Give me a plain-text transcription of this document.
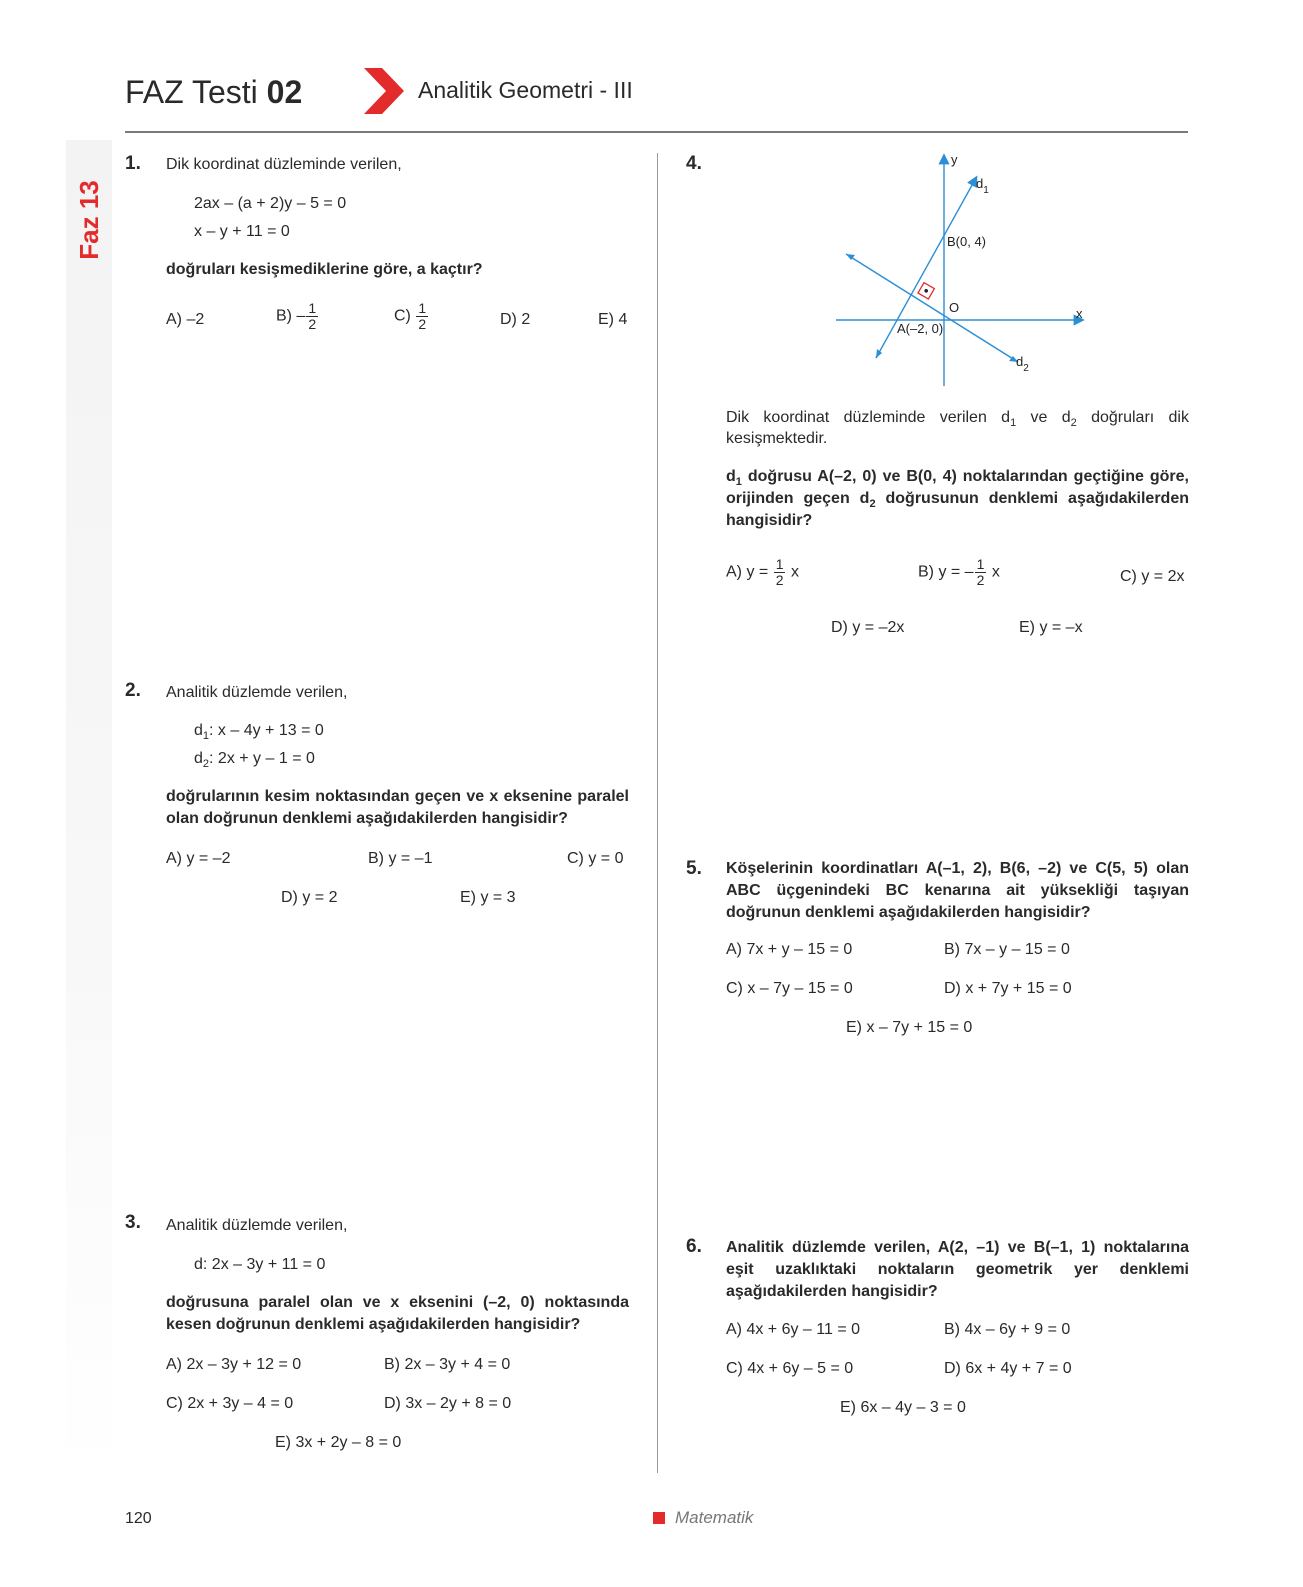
FAZ Testi 02	Analitik Geometri - III
Faz

13
1. Dik koordinat düzleminde verilen,
2ax – (a + 2)y – 5 = 0
x – y + 11 = 0
doğruları kesişmediklerine göre, a kaçtır?
A) –2	$B) - \frac{1}{2}$	$C) \frac{1}{2}$	D) 2	E) 4
2. Analitik düzlemde verilen,
$d_1$: x – 4y + 13 = 0
$d_2$: 2x + y – 1 = 0
doğrularının kesim noktasından geçen ve x eksenine paralel olan doğrunun denklemi aşağıdakilerden hangisidir?
A) y = –2	B) y = –1	C) y = 0
D) y = 2	E) y = 3
3. Analitik düzlemde verilen,
d: 2x – 3y + 11 = 0
doğrusuna paralel olan ve x eksenini (–2, 0) noktasında kesen doğrunun denklemi aşağıdakilerden hangisidir?
A) 2x – 3y + 12 = 0	B) 2x – 3y + 4 = 0
C) 2x + 3y – 4 = 0	D) 3x – 2y + 8 = 0
E) 3x + 2y – 8 = 0
4.	y
x
O
B(0, 4)
A(–2, 0)
$d_1$
$d_2$
Dik koordinat düzleminde verilen $d_1$ ve $d_2$ doğruları dik kesişmektedir.
$d_1$ doğrusu A(–2, 0) ve B(0, 4) noktalarından geçtiğine göre, orijinden geçen $d_2$ doğrusunun denklemi aşağıdakilerden hangisidir?
A) $y = \frac{1}{2}$ x	B) y = – $\frac{1}{2}$ x	C) y = 2x
D) y = –2x	E) y = –x
5. Köşelerinin koordinatları A(–1, 2), B(6, –2) ve C(5, 5) olan ABC üçgenindeki BC kenarına ait yüksekliği taşıyan doğrunun denklemi aşağıdakilerden hangisidir?
A) 7x + y – 15 = 0	B) 7x – y – 15 = 0
C) x – 7y – 15 = 0	D) x + 7y + 15 = 0
E) x – 7y + 15 = 0
6. Analitik düzlemde verilen, A(2, –1) ve B(–1, 1) noktalarına eşit uzaklıktaki noktaların geometrik yer denklemi aşağıdakilerden hangisidir?
A) 4x + 6y – 11 = 0	B) 4x – 6y + 9 = 0
C) 4x + 6y – 5 = 0	D) 6x + 4y + 7 = 0
E) 6x – 4y – 3 = 0
120	Matematik
